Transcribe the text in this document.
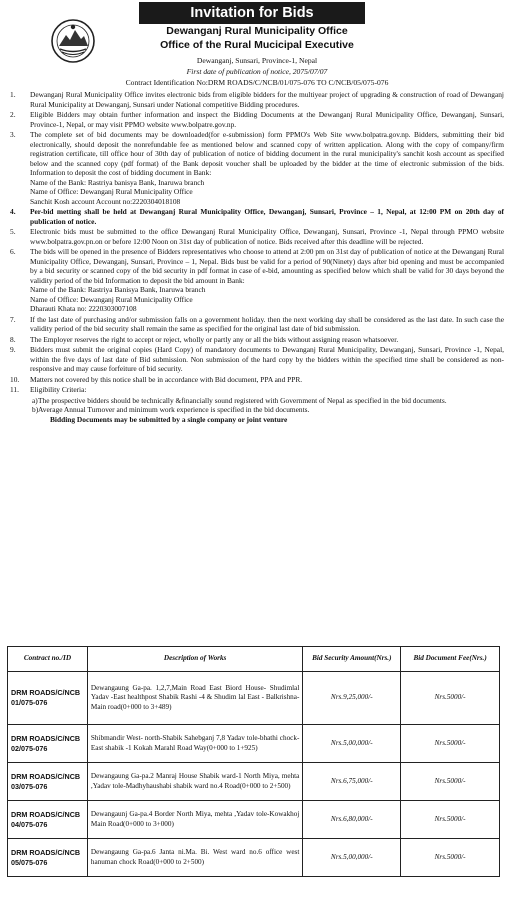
Invitation for Bids
Dewanganj Rural Municipality Office
Office of the Rural Mucicipal Executive
Dewanganj, Sunsari, Province-1, Nepal
First date of publication of notice, 2075/07/07
Contract Identification No:DRM ROADS/C/NCB/01/075-076 TO C/NCB/05/075-076
1. Dewanganj Rural Municipality Office invites electronic bids from eligible bidders for the multiyear project of upgrading & construction of road of Dewanganj Rural Municipality at Dewanganj, Sunsari under National competitive Bidding procedures.
2. Eligible Bidders may obtain further information and inspect the Bidding Documents at the Dewanganj Rural Municipality Office, Dewanganj, Sunsari, Province-1, Nepal, or may visit PPMO website www.bolpatre.gov.np.
3. The complete set of bid documents may be downloaded(for e-submission) form PPMO's Web Site www.bolpatra.gov.np. Bidders, submitting their bid electronically, should deposit the nonrefundable fee as mentioned below and scanned copy of written application. Along with the copy of company/firm registration certificate, till office hour of 30th day of publication of notice of bidding document in the rural municipality's sanchit kosh account as specified below and the scanned copy (pdf format) of the Bank deposit voucher shall be uploaded by the bidder at the time of electronic submission of the bids. Information to deposit the cost of bidding document in Bank:
Name of the Bank: Rastriya banisya Bank, Inaruwa branch
Name of Office: Dewanganj Rural Municipality Office
Sanchit Kosh account Account no:2220304018108
4. Per-bid metting shall be held at Dewanganj Rural Municipality Office, Dewanganj, Sunsari, Province – 1, Nepal, at 12:00 PM on 20th day of publication of notice.
5. Electronic bids must be submitted to the office Dewanganj Rural Municipality Office, Dewanganj, Sunsari, Province -1, Nepal through PPMO website www.bolpatra.gov.pn.on or before 12:00 Noon on 31st day of publication of notice. Bids received after this deadline will be rejected.
6. The bids will be opened in the presence of Bidders representatives who choose to attend at 2:00 pm on 31st day of publication of notice at the Dewanganj Rural Municipality Office, Dewanganj, Sunsari, Province – 1, Nepal. Bids bust be valid for a period of 90(Ninety) days after bid opening and must be accompanied by a bid security or scanned copy of the bid security in pdf format in case of e-bid, amounting as specified below which shall be valid for 30 days beyond the validity period of the bid Information to deposit the bid amount in Bank:
Name of the Bank: Rastriya Banisya Bank, Inaruwa branch
Name of Office: Dewanganj Rural Municipality Office
Dharauti Khata no: 2220303007108
7. If the last date of purchasing and/or submission falls on a government holiday. then the next working day shall be considered as the last date. In such case the validity period of the bid security shall remain the same as specified for the original last date of bid submission.
8. The Employer reserves the right to accept or reject, wholly or partly any or all the bids without assigning reason whatsoever.
9. Bidders must submit the original copies (Hard Copy) of mandatory documents to Dewanganj Rural Municipality, Dewanganj, Sunsari, Province -1, Nepal, within the five days of last date of Bid submission. Non submission of the hard copy by the bidders within the specified time shall be considered as non-responsive and may cause forfeiture of bid security.
10. Matters not covered by this notice shall be in accordance with Bid document, PPA and PPR.
11. Eligibility Criteria:
a) The prospective bidders should be technically &financially sound registered with Government of Nepal as specified in the bid documents.
b) Average Annual Turnover and minimum work experience is specified in the bid documents.
Bidding Documents may be submitted by a single company or joint venture
Contract no./ID	Description of Works	Bid Security Amount(Nrs.)	Bid Document Fee(Nrs.)
DRM ROADS/C/NCB 01/075-076	Dewangaung Ga-pa. 1,2,7,Main Road East Biord House- Shudimlal Yadav -East healthpost Shabik Rashi -4 & Shudim lal East - Balkrishna-Main road(0+000 to 3+489)	Nrs.9,25,000/-	Nrs.5000/-
DRM ROADS/C/NCB 02/075-076	Shibmandir West- north-Shabik Sahebganj 7,8 Yadav tole-bhathi chock-East shabik -1 Kokah Marahl Road Way(0+000 to 1+925)	Nrs.5,00,000/-	Nrs.5000/-
DRM ROADS/C/NCB 03/075-076	Dewangaung Ga-pa.2 Manraj House Shabik ward-1 North Miya, mehta ,Yadav tole-Madhyhaushabi shabik ward no.4 Road(0+000 to 2+500)	Nrs.6,75,000/-	Nrs.5000/-
DRM ROADS/C/NCB 04/075-076	Dewangaunj Ga-pa.4 Border North Miya, mehta ,Yadav tole-Kowakhoj Main Road(0+000 to 3+000)	Nrs.6,80,000/-	Nrs.5000/-
DRM ROADS/C/NCB 05/075-076	Dewangaung Ga-pa.6 Janta ni.Ma. Bi. West ward no.6 office west hanuman chock Road(0+000 to 2+500)	Nrs.5,00,000/-	Nrs.5000/-
